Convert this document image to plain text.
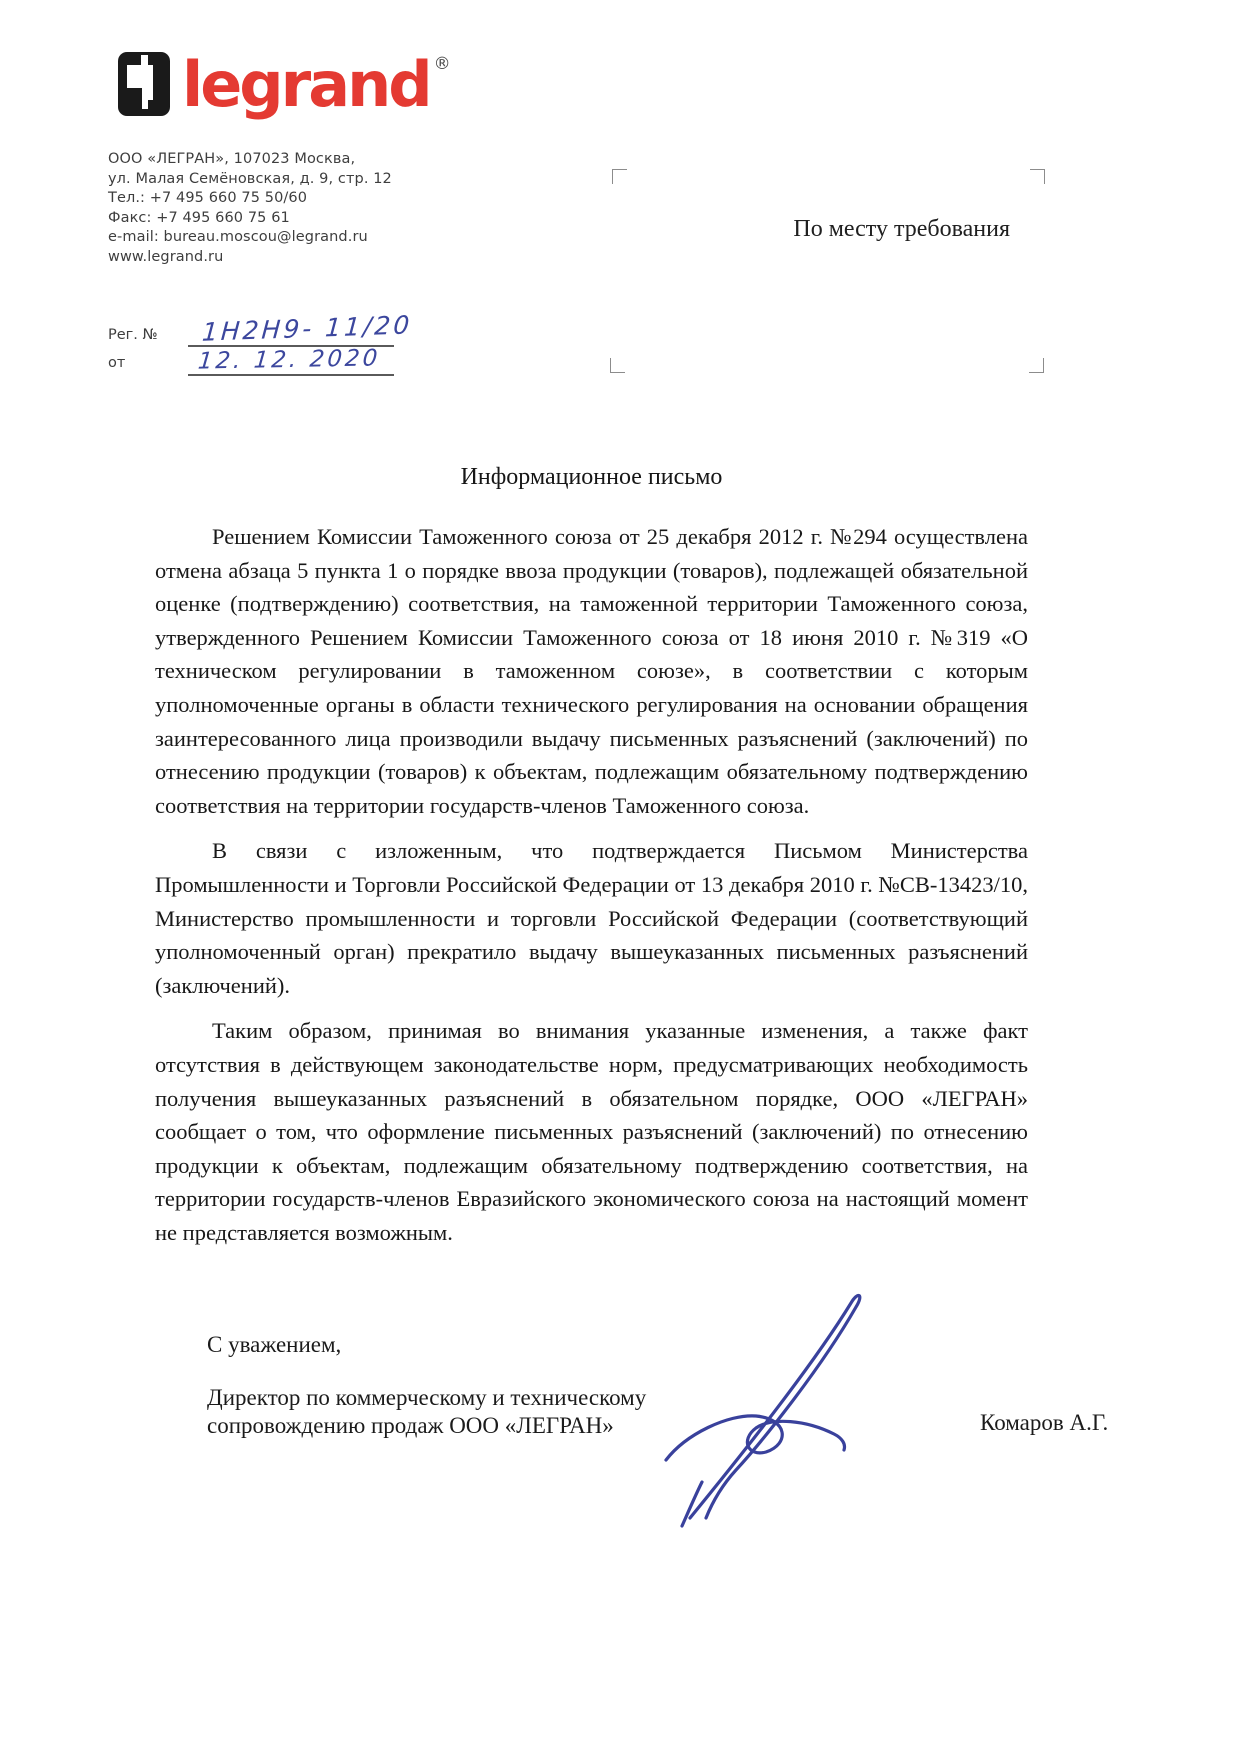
legrand ®
ООО «ЛЕГРАН», 107023 Москва,
ул. Малая Семёновская, д. 9, стр. 12
Тел.: +7 495 660 75 50/60
Факс: +7 495 660 75 61
e-mail: bureau.moscou@legrand.ru
www.legrand.ru
Рег. № 1Н2Н9- 11/20
от	12. 12. 2020
По месту требования
Информационное письмо

Решением Комиссии Таможенного союза от 25 декабря 2012 г. №294 осуществлена отмена абзаца 5 пункта 1 о порядке ввоза продукции (товаров), подлежащей обязательной оценке (подтверждению) соответствия, на таможенной территории Таможенного союза, утвержденного Решением Комиссии Таможенного союза от 18 июня 2010 г. №319 «О техническом регулировании в таможенном союзе», в соответствии с которым уполномоченные органы в области технического регулирования на основании обращения заинтересованного лица производили выдачу письменных разъяснений (заключений) по отнесению продукции (товаров) к объектам, подлежащим обязательному подтверждению соответствия на территории государств-членов Таможенного союза.

В связи с изложенным, что подтверждается Письмом Министерства Промышленности и Торговли Российской Федерации от 13 декабря 2010 г. №СВ-13423/10, Министерство промышленности и торговли Российской Федерации (соответствующий уполномоченный орган) прекратило выдачу вышеуказанных письменных разъяснений (заключений).

Таким образом, принимая во внимания указанные изменения, а также факт отсутствия в действующем законодательстве норм, предусматривающих необходимость получения вышеуказанных разъяснений в обязательном порядке, ООО «ЛЕГРАН» сообщает о том, что оформление письменных разъяснений (заключений) по отнесению продукции к объектам, подлежащим обязательному подтверждению соответствия, на территории государств-членов Евразийского экономического союза на настоящий момент не представляется возможным.

С уважением,
Директор по коммерческому и техническому
сопровождению продаж ООО «ЛЕГРАН»	Комаров А.Г.
